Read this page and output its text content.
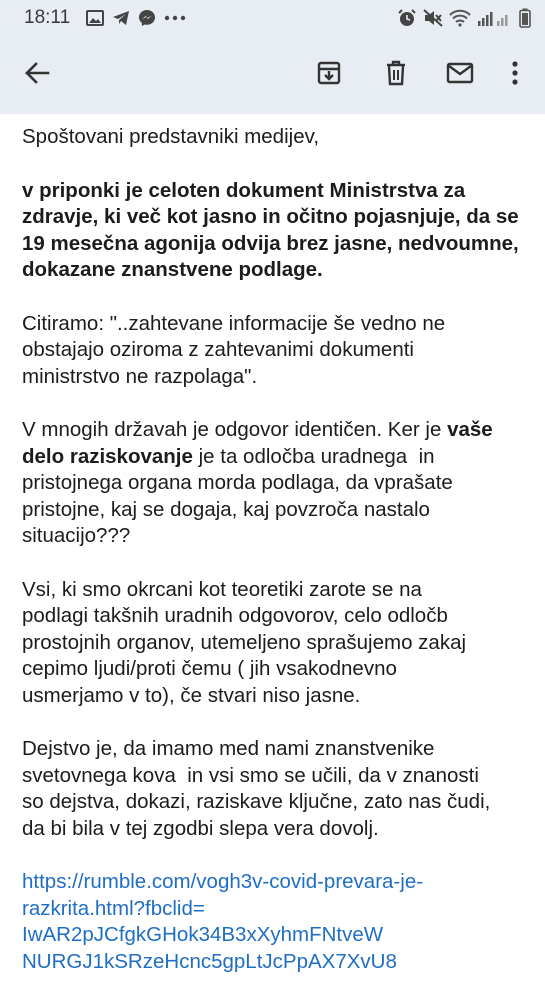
18:11

Spoštovani predstavniki medijev,

v priponki je celoten dokument Ministrstva za
zdravje, ki več kot jasno in očitno pojasnjuje, da se
19 mesečna agonija odvija brez jasne, nedvoumne,
dokazane znanstvene podlage.

Citiramo: "..zahtevane informacije še vedno ne
obstajajo oziroma z zahtevanimi dokumenti
ministrstvo ne razpolaga".

V mnogih državah je odgovor identičen. Ker je vaše
delo raziskovanje je ta odločba uradnega  in
pristojnega organa morda podlaga, da vprašate
pristojne, kaj se dogaja, kaj povzroča nastalo
situacijo???

Vsi, ki smo okrcani kot teoretiki zarote se na
podlagi takšnih uradnih odgovorov, celo odločb
prostojnih organov, utemeljeno sprašujemo zakaj
cepimo ljudi/proti čemu ( jih vsakodnevno
usmerjamo v to), če stvari niso jasne.

Dejstvo je, da imamo med nami znanstvenike
svetovnega kova  in vsi smo se učili, da v znanosti
so dejstva, dokazi, raziskave ključne, zato nas čudi,
da bi bila v tej zgodbi slepa vera dovolj.

https://rumble.com/vogh3v-covid-prevara-je-
razkrita.html?fbclid=
IwAR2pJCfgkGHok34B3xXyhmFNtveW
NURGJ1kSRzeHcnc5gpLtJcPpAX7XvU8
